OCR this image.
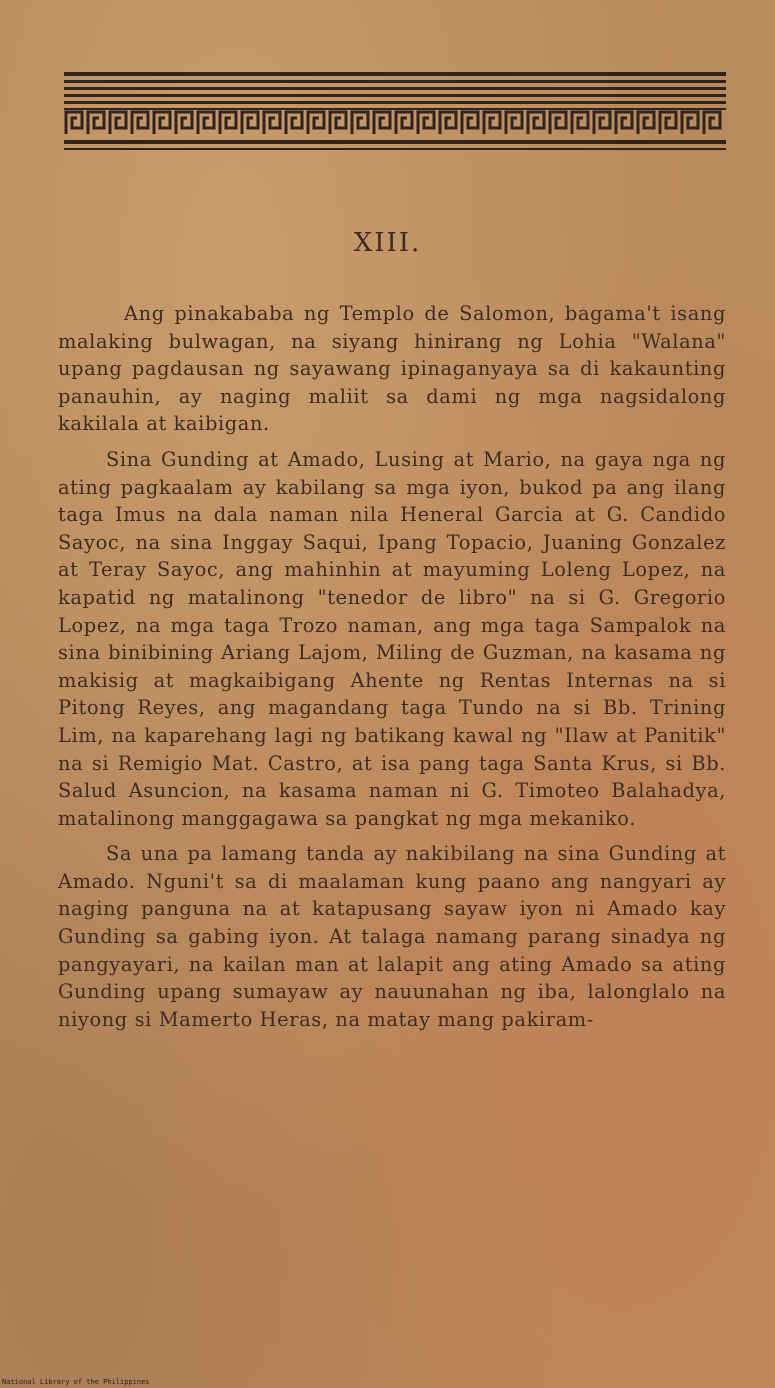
XIII.

Ang pinakababa ng Templo de Salomon, bagama't isang malaking bulwagan, na siyang hinirang ng Lohia "Walana" upang pagdausan ng sayawang ipinaganyaya sa di kakaunting panauhin, ay naging maliit sa dami ng mga nagsidalong kakilala at kaibigan.

Sina Gunding at Amado, Lusing at Mario, na gaya nga ng ating pagkaalam ay kabilang sa mga iyon, bukod pa ang ilang taga Imus na dala naman nila Heneral Garcia at G. Candido Sayoc, na sina Inggay Saqui, Ipang Topacio, Juaning Gonzalez at Teray Sayoc, ang mahinhin at mayuming Loleng Lopez, na kapatid ng matalinong "tenedor de libro" na si G. Gregorio Lopez, na mga taga Trozo naman, ang mga taga Sampalok na sina binibining Ariang Lajom, Miling de Guzman, na kasama ng makisig at magkaibigang Ahente ng Rentas Internas na si Pitong Reyes, ang magandang taga Tundo na si Bb. Trining Lim, na kaparehang lagi ng batikang kawal ng "Ilaw at Panitik" na si Remigio Mat. Castro, at isa pang taga Santa Krus, si Bb. Salud Asuncion, na kasama naman ni G. Timoteo Balahadya, matalinong manggagawa sa pangkat ng mga mekaniko.

Sa una pa lamang tanda ay nakibilang na sina Gunding at Amado. Nguni't sa di maalaman kung paano ang nangyari ay naging panguna na at katapusang sayaw iyon ni Amado kay Gunding sa gabing iyon. At talaga namang parang sinadya ng pangyayari, na kailan man at lalapit ang ating Amado sa ating Gunding upang sumayaw ay nauunahan ng iba, lalonglalo na niyong si Mamerto Heras, na matay mang pakiram-

National Library of the Philippines
